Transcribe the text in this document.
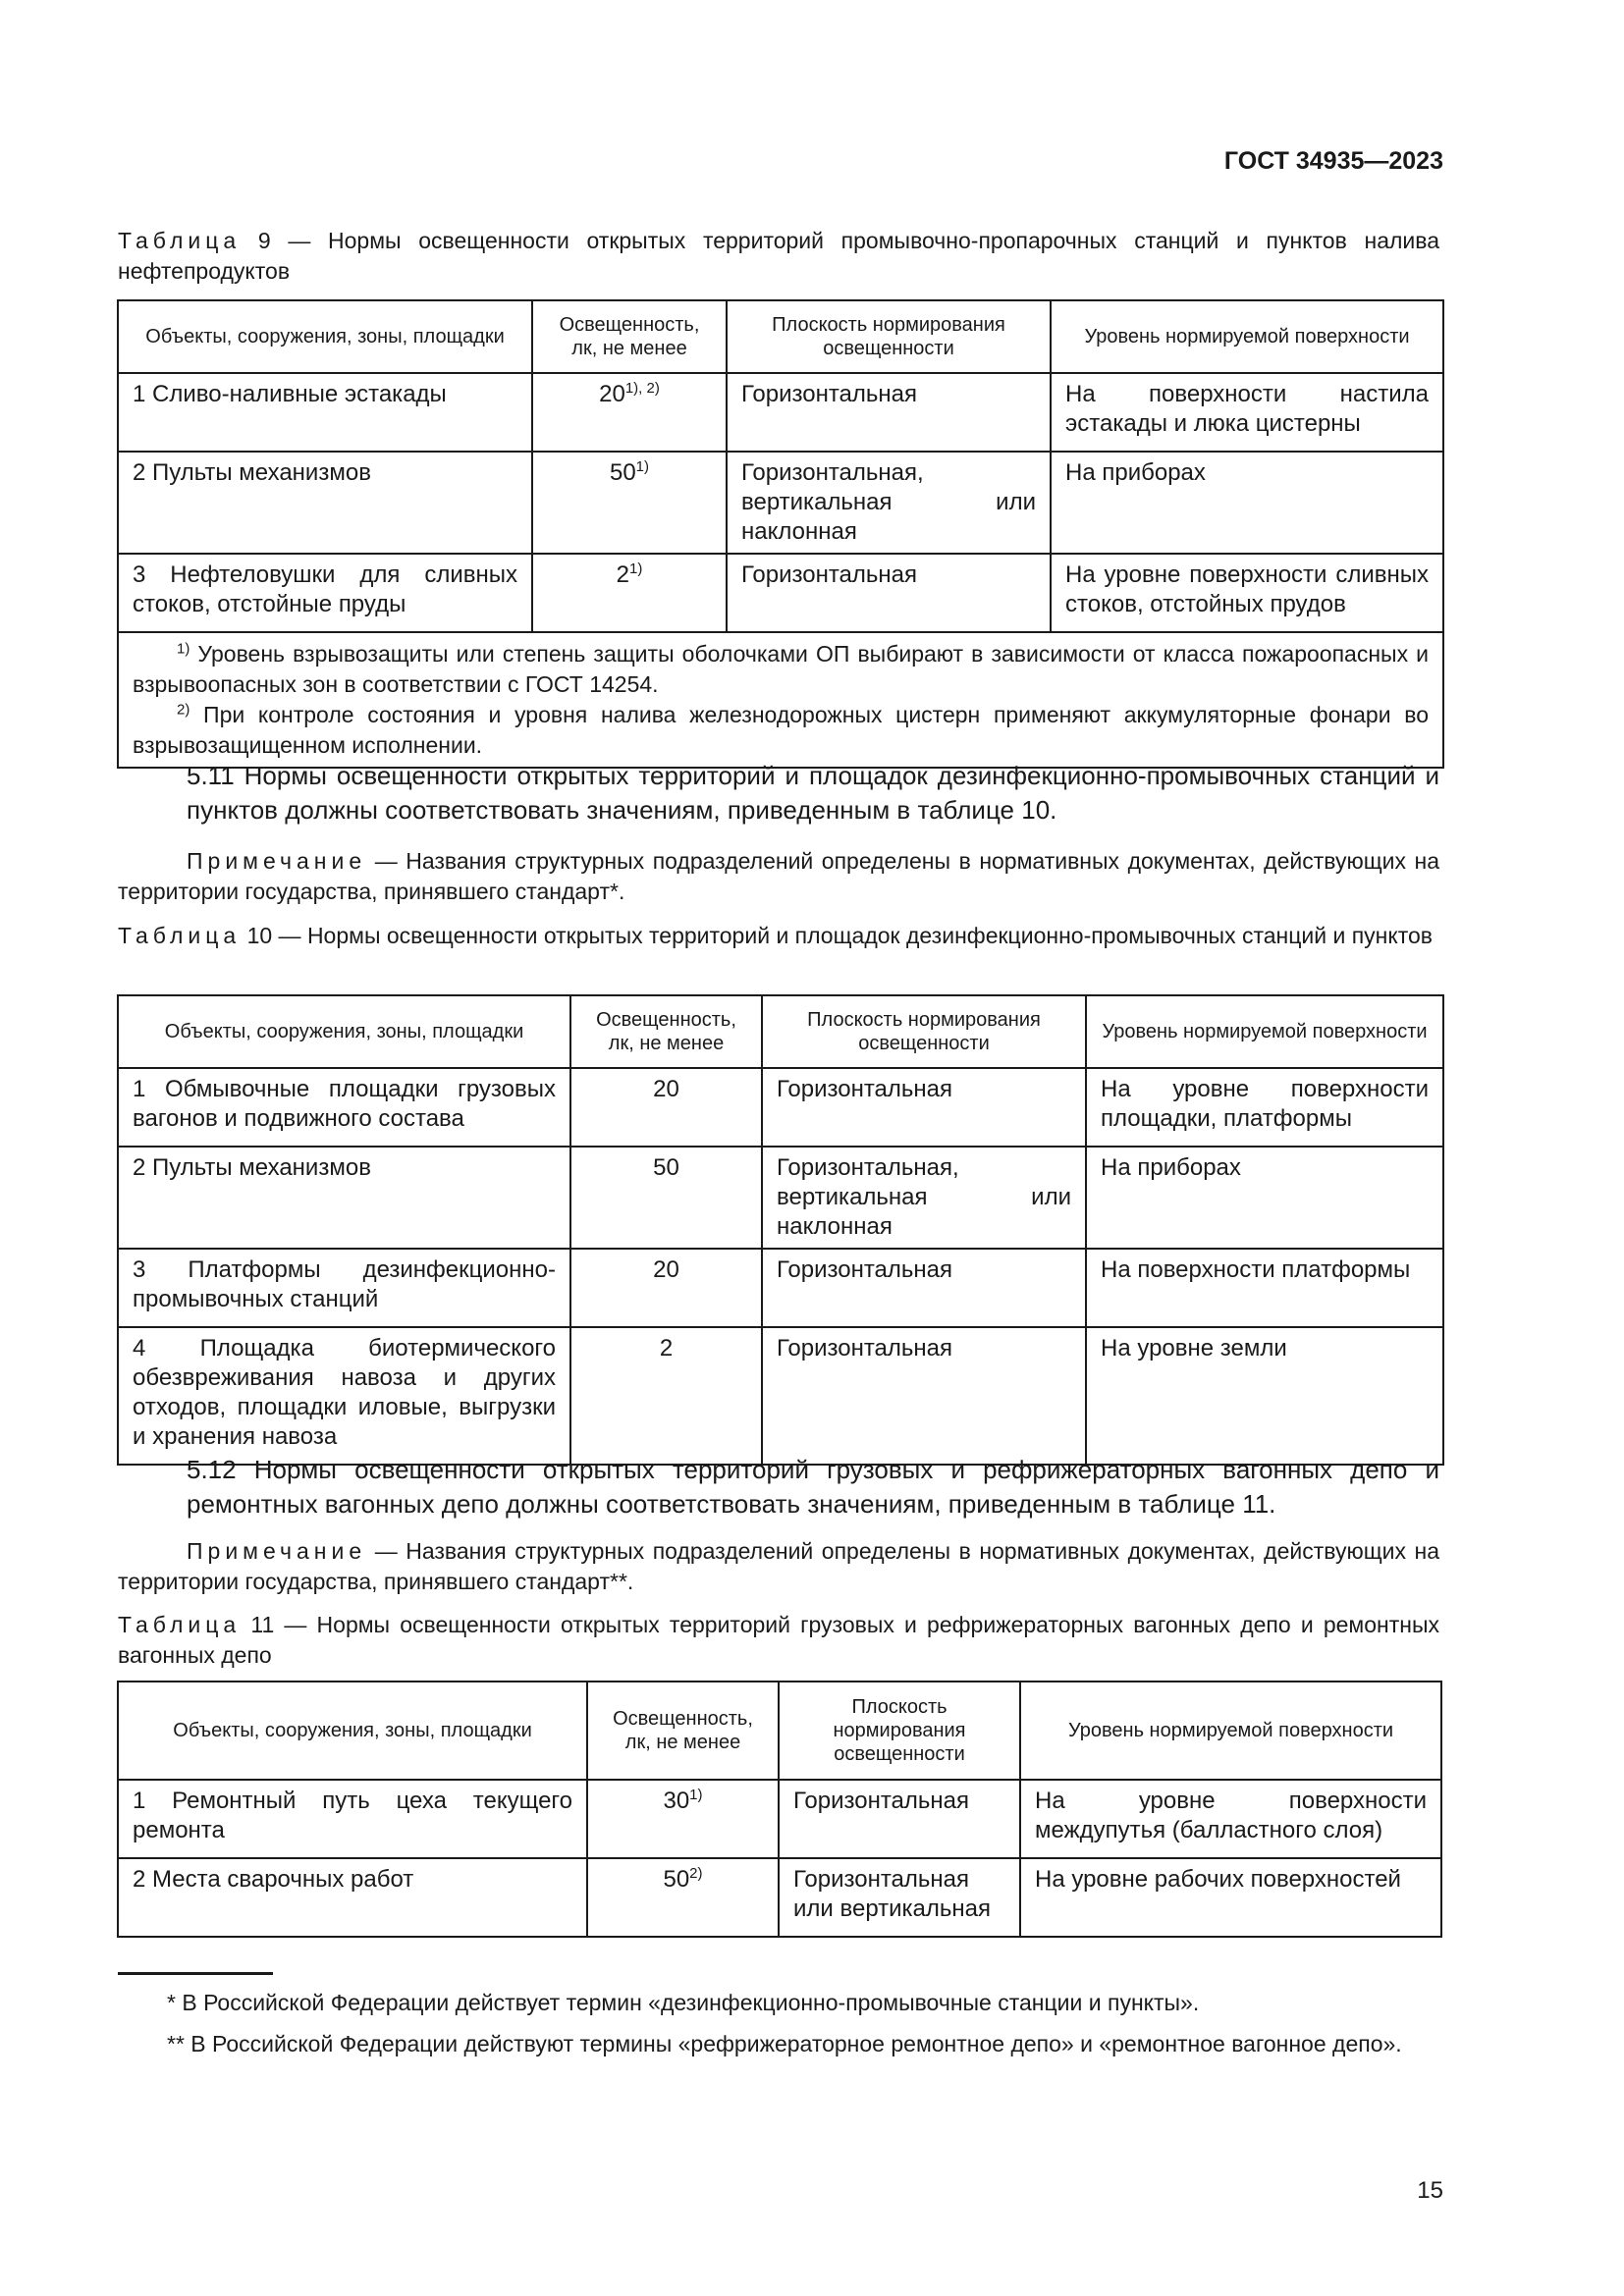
ГОСТ 34935—2023
Таблица 9 — Нормы освещенности открытых территорий промывочно-пропарочных станций и пунктов налива нефтепродуктов
Объекты, сооружения, зоны, площадки	Освещенность, лк, не менее	Плоскость нормирования освещенности	Уровень нормируемой поверхности
1 Сливо-наливные эстакады	$20^{1), 2)}$	Горизонтальная	На поверхности настила эстакады и люка цистерны
2 Пульты механизмов	50$^{1)}$	Горизонтальная, вертикальная или наклонная	На приборах
3 Нефтеловушки для сливных стоков, отстойные пруды	2$^{1)}$	Горизонтальная	На уровне поверхности сливных стоков, отстойных прудов

$^{1)}$ Уровень взрывозащиты или степень защиты оболочками ОП выбирают в зависимости от класса пожароопасных и взрывоопасных зон в соответствии с ГОСТ 14254.
$^{2)}$ При контроле состояния и уровня налива железнодорожных цистерн применяют аккумуляторные фонари во взрывозащищенном исполнении.			
5.11 Нормы освещенности открытых территорий и площадок дезинфекционно-промывочных станций и пунктов должны соответствовать значениям, приведенным в таблице 10.
Примечание — Названия структурных подразделений определены в нормативных документах, действующих на территории государства, принявшего стандарт*.
Таблица 10 — Нормы освещенности открытых территорий и площадок дезинфекционно-промывочных станций и пунктов
Объекты, сооружения, зоны, площадки	Освещенность, лк, не менее	Плоскость нормирования освещенности	Уровень нормируемой поверхности
1 Обмывочные площадки грузовых вагонов и подвижного состава	20	Горизонтальная	На уровне поверхности площадки, платформы
2 Пульты механизмов	50	Горизонтальная, вертикальная или наклонная	На приборах
3 Платформы дезинфекционно-промывочных станций	20	Горизонтальная	На поверхности платформы
4 Площадка биотермического обезвреживания навоза и других отходов, площадки иловые, выгрузки и хранения навоза	2	Горизонтальная	На уровне земли
5.12 Нормы освещенности открытых территорий грузовых и рефрижераторных вагонных депо и ремонтных вагонных депо должны соответствовать значениям, приведенным в таблице 11.
Примечание — Названия структурных подразделений определены в нормативных документах, действующих на территории государства, принявшего стандарт**.
Таблица 11 — Нормы освещенности открытых территорий грузовых и рефрижераторных вагонных депо и ремонтных вагонных депо
Объекты, сооружения, зоны, площадки	Освещенность, лк, не менее	Плоскость нормирования освещенности	Уровень нормируемой поверхности
1 Ремонтный путь цеха текущего ремонта	30$^{1)}$	Горизонтальная	На уровне поверхности междупутья (балластного слоя)
2 Места сварочных работ	50$^{2)}$	Горизонтальная или вертикальная	На уровне рабочих поверхностей
* В Российской Федерации действует термин «дезинфекционно-промывочные станции и пункты».
** В Российской Федерации действуют термины «рефрижераторное ремонтное депо» и «ремонтное вагонное депо».
15
